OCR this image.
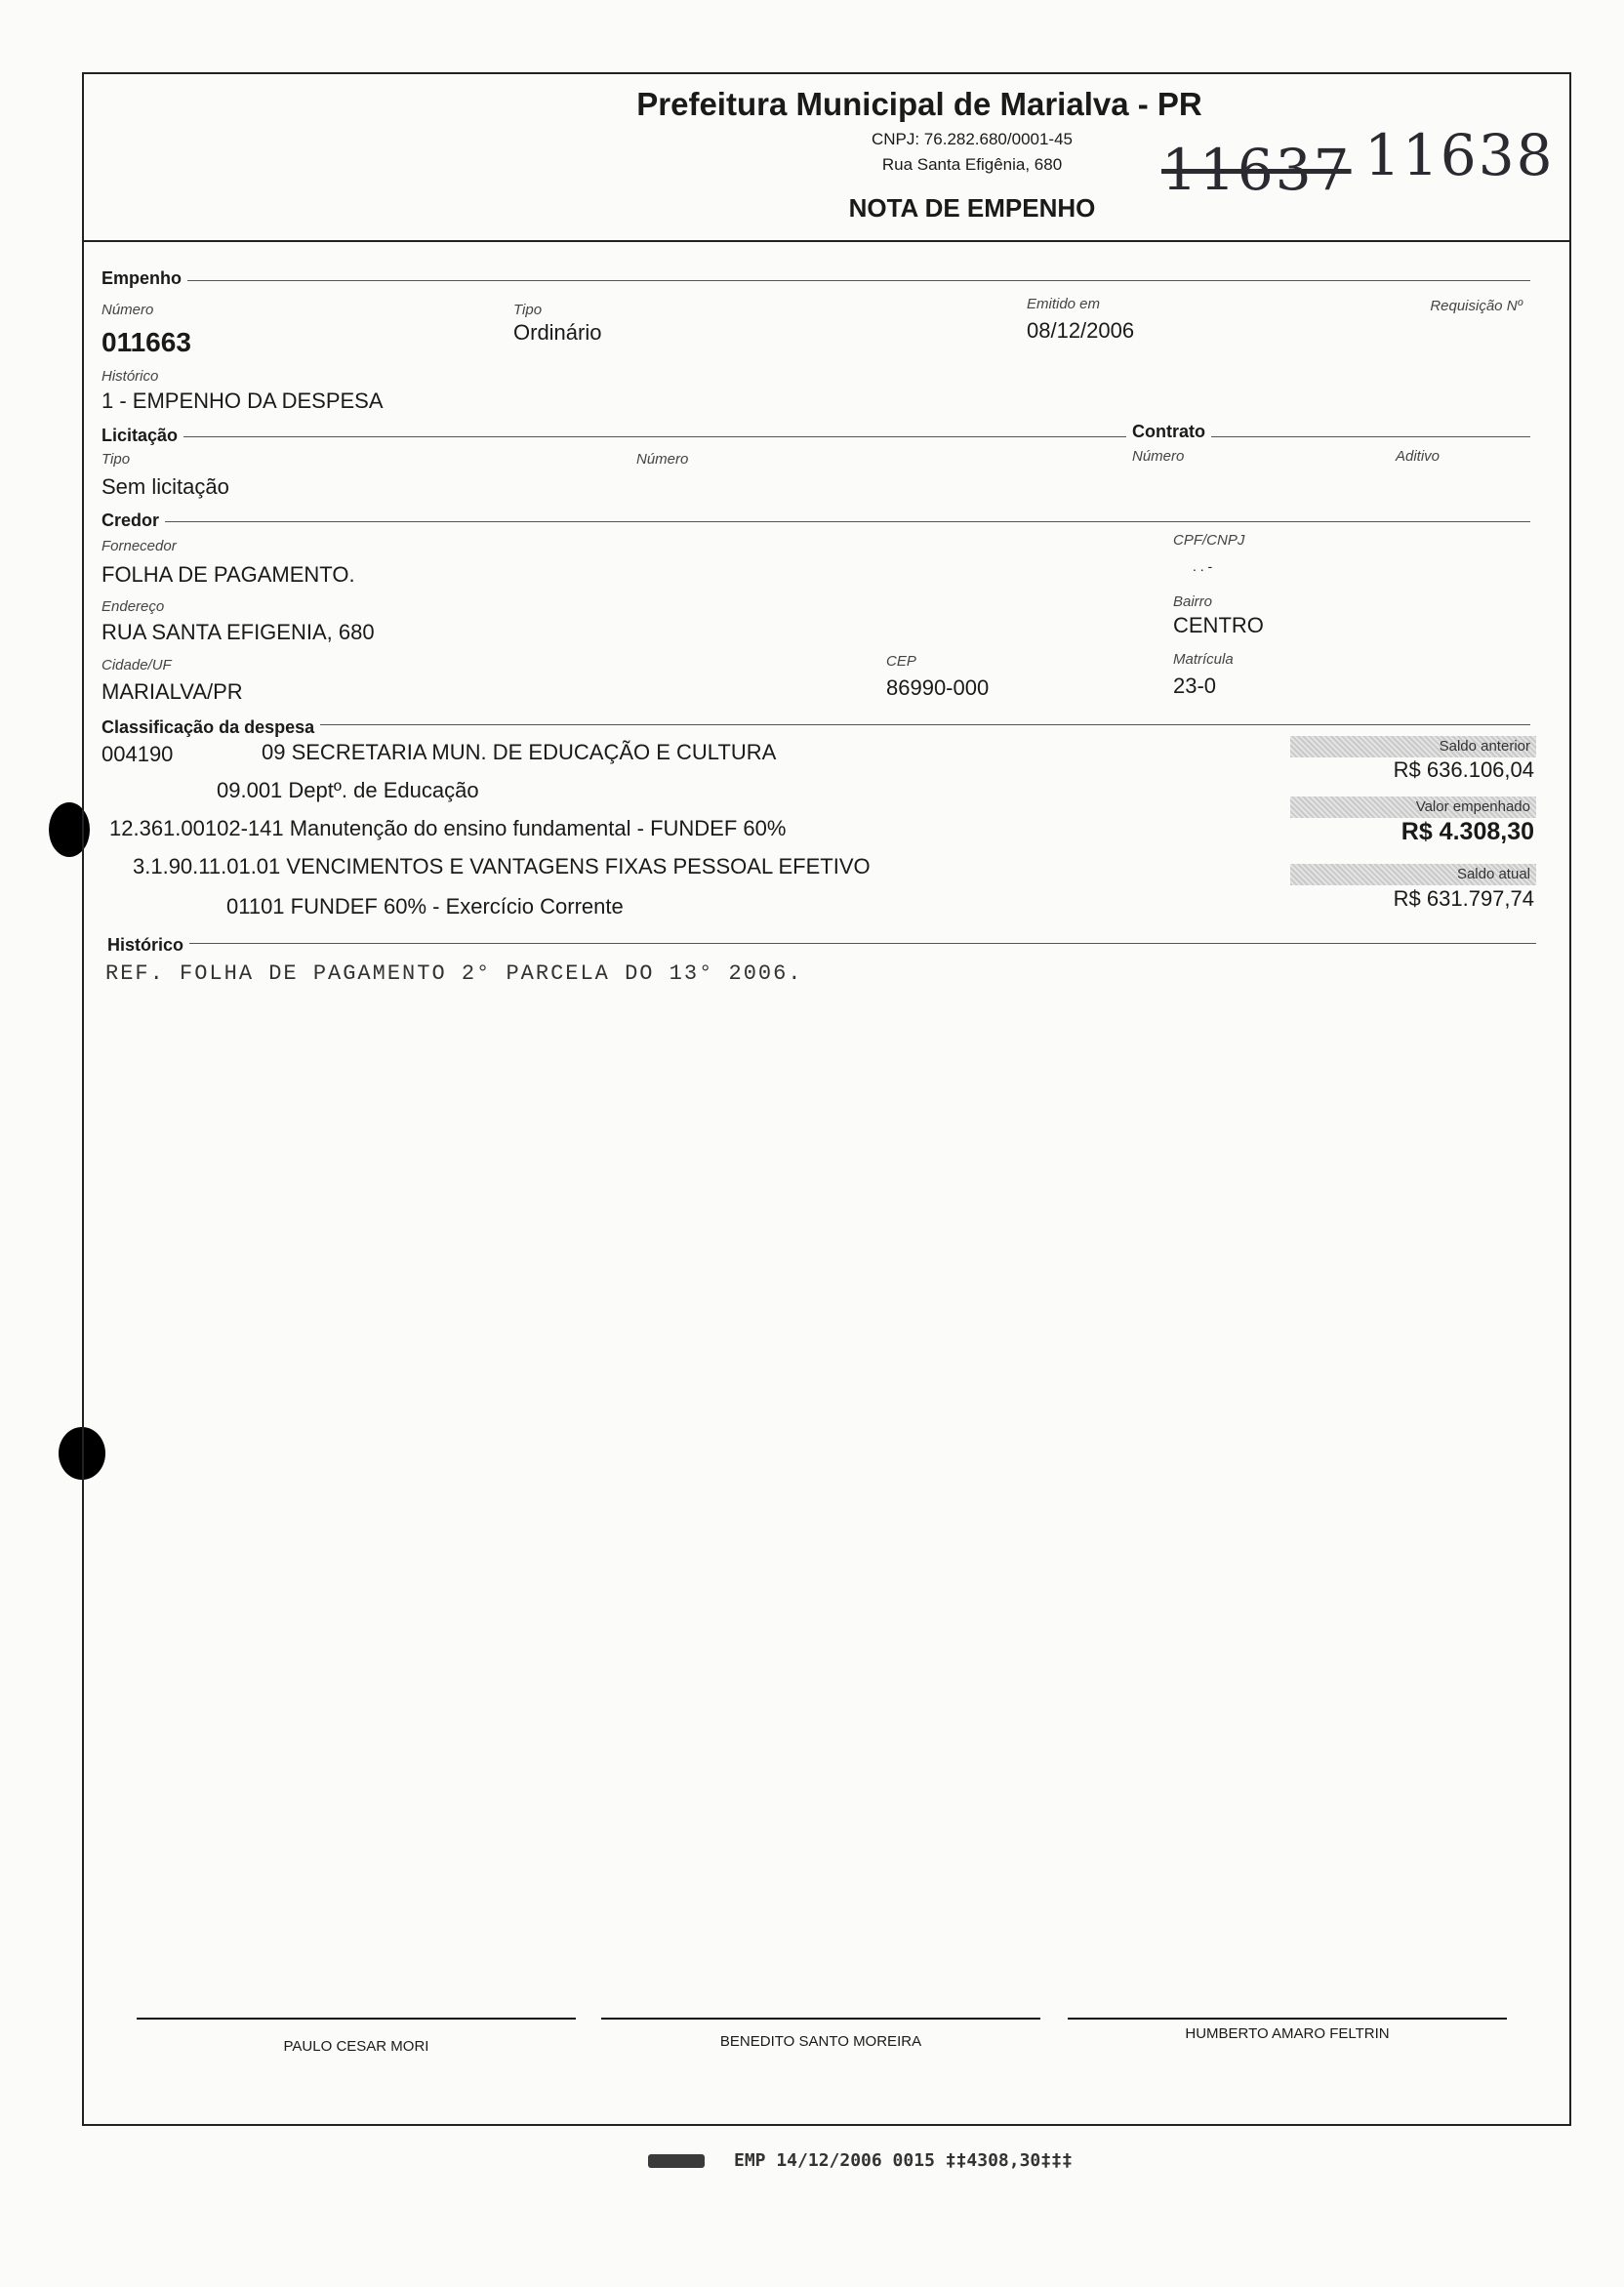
Prefeitura Municipal de Marialva - PR
CNPJ: 76.282.680/0001-45
Rua Santa Efigênia, 680
NOTA DE EMPENHO
11637 11638
Empenho
Número
011663
Tipo
Ordinário
Emitido em
08/12/2006
Requisição Nº
Histórico
1 - EMPENHO DA DESPESA
Licitação	Contrato
Tipo
Sem licitação
Número	Número	Aditivo
Credor
Fornecedor
FOLHA DE PAGAMENTO.
CPF/CNPJ
. . -
Endereço
RUA SANTA EFIGENIA, 680
Bairro
CENTRO
Cidade/UF
MARIALVA/PR
CEP
86990-000
Matrícula
23-0
Classificação da despesa
004190	09 SECRETARIA MUN. DE EDUCAÇÃO E CULTURA
09.001 Deptº. de Educação
12.361.00102-141 Manutenção do ensino fundamental - FUNDEF 60%
3.1.90.11.01.01 VENCIMENTOS E VANTAGENS FIXAS PESSOAL EFETIVO
01101 FUNDEF 60% - Exercício Corrente
Saldo anterior
R$ 636.106,04
Valor empenhado
R$ 4.308,30
Saldo atual
R$ 631.797,74
Histórico
REF. FOLHA DE PAGAMENTO 2° PARCELA DO 13° 2006.
PAULO CESAR MORI	BENEDITO SANTO MOREIRA	HUMBERTO AMARO FELTRIN
EMP 14/12/2006 0015 ‡‡4308,30‡‡‡
